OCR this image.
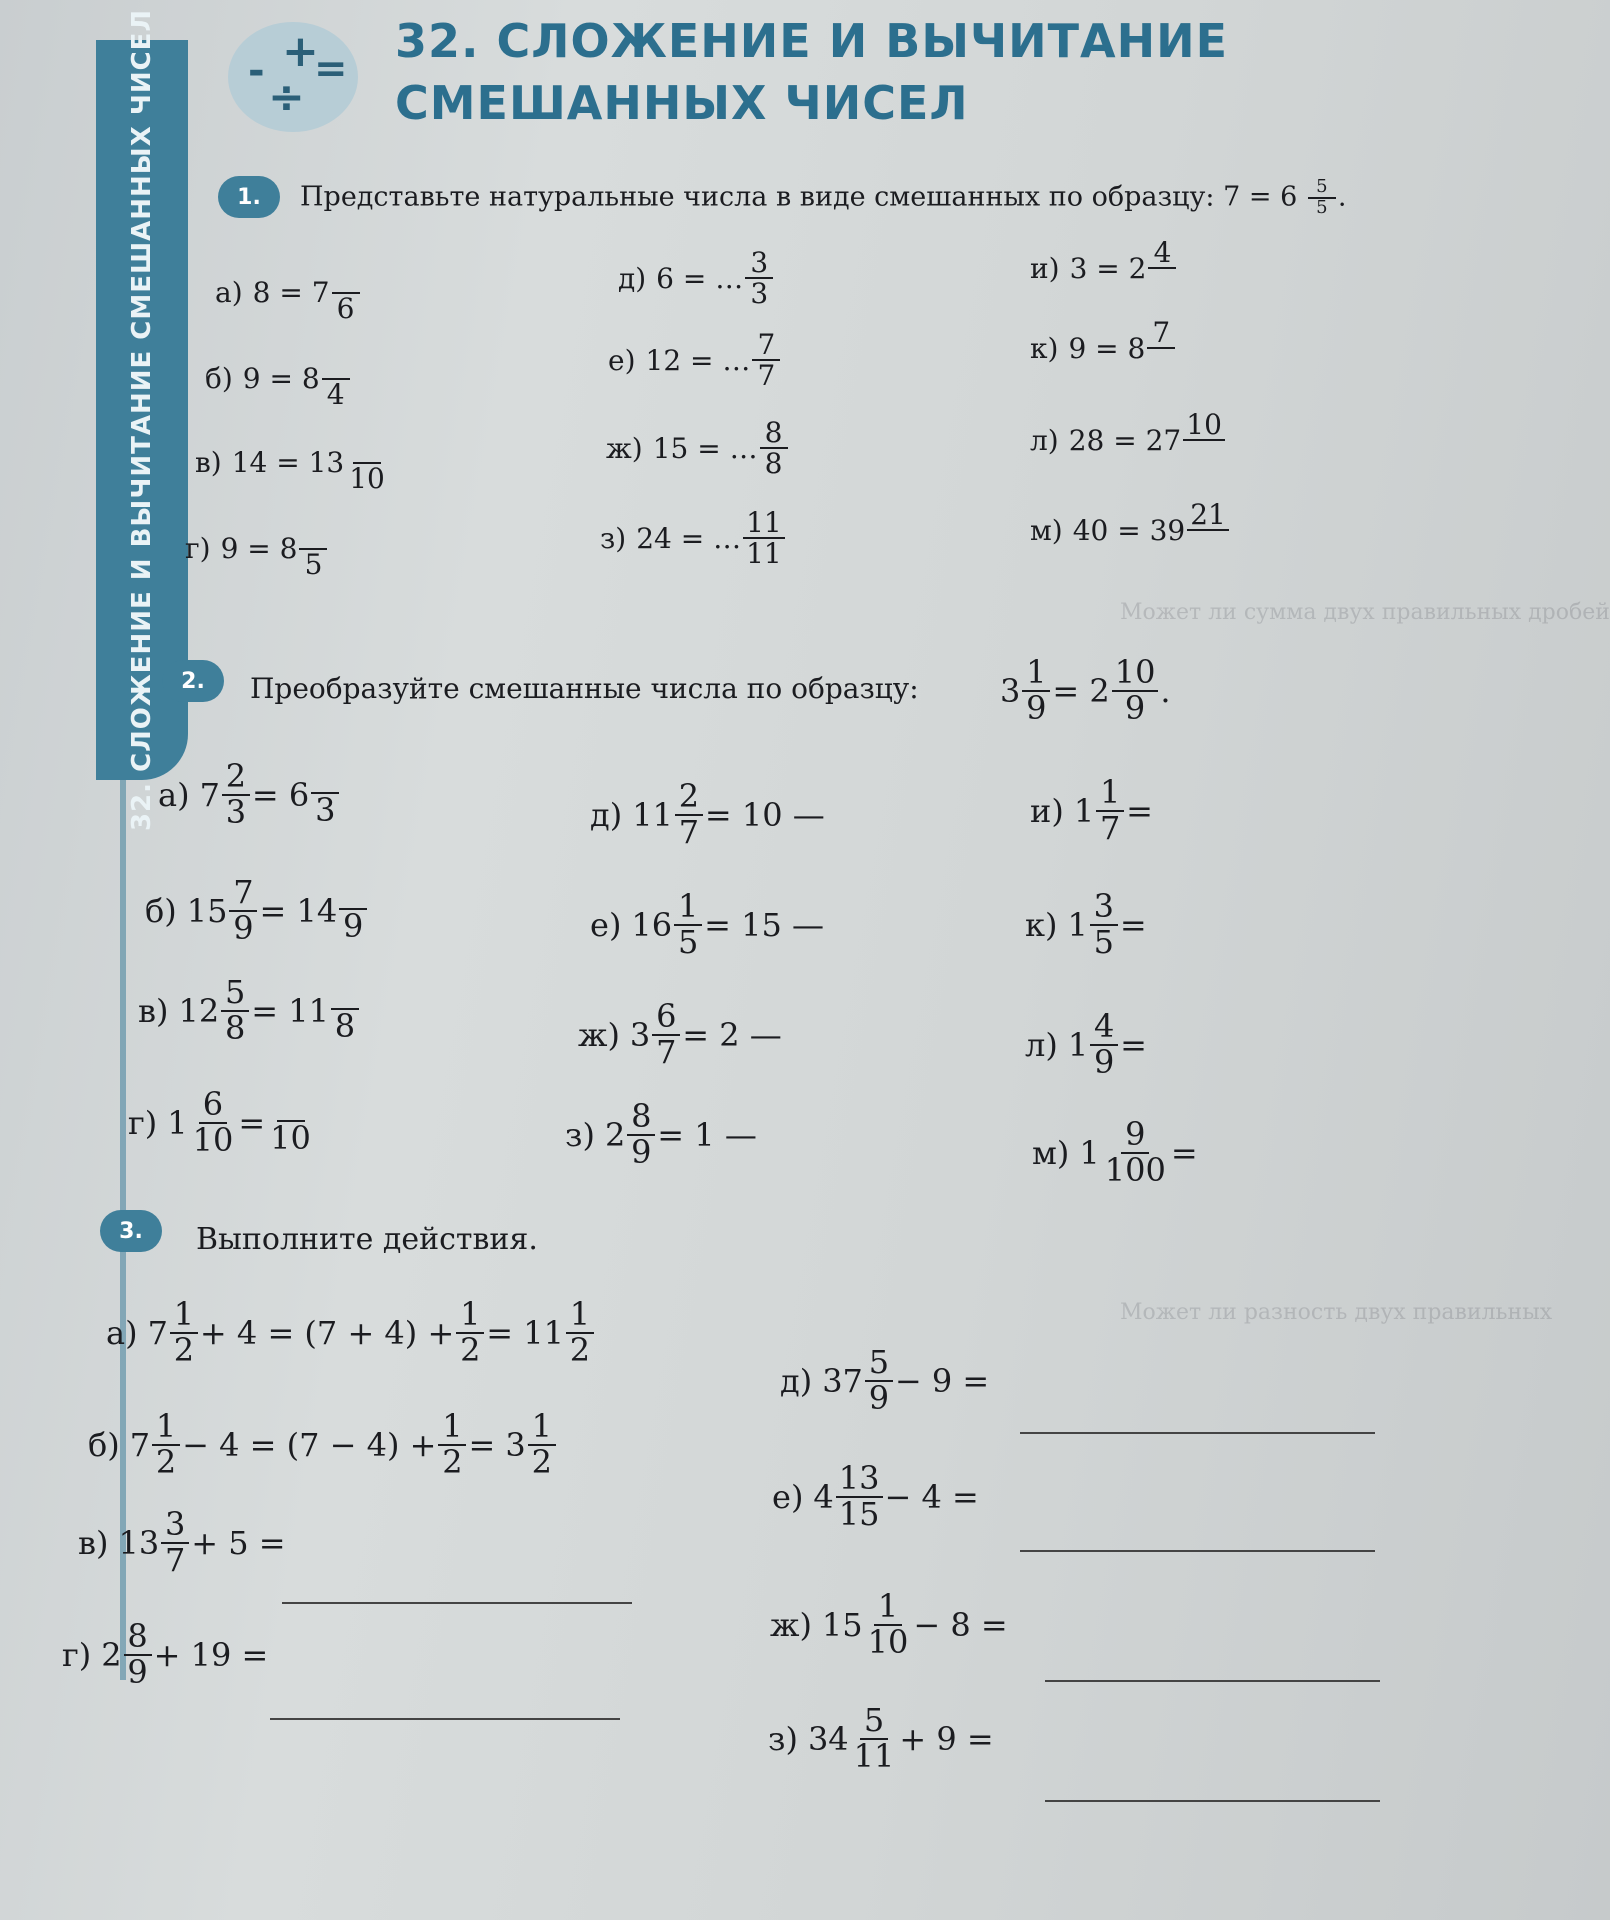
32. СЛОЖЕНИЕ И ВЫЧИТАНИЕ СМЕШАННЫХ ЧИСЕЛ - +
=
÷
32. СЛОЖЕНИЕ И ВЫЧИТАНИЕ
СМЕШАННЫХ ЧИСЕЛ
1.	Представьте натуральные числа в виде смешанных по образцу: $7 = 6 \frac{5}{5}$ .
2.	Преобразуйте смешанные числа по образцу:	$3 \frac{1}{9} = 2 \frac{10}{9}$ .
3.	Выполните действия.
а) $7 \frac{1}{2} + 4 = (7 + 4) + \frac{1}{2} = 11 \frac{1}{2}$
б) $7 \frac{1}{2} - 4 = (7 - 4) + \frac{1}{2} = 3 \frac{1}{2}$
Может ли сумма двух правильных дробей
Может ли разность двух правильных
а) 8 = 7 6
б) 9 = 8 4
в) 14 = 13 10
г) 9 = 8 5
д) 6 = … $\frac{3}{3}$
е) 12 = … $\frac{7}{7}$
ж) 15 = … $\frac{8}{8}$
з) 24 = … $\frac{11}{11}$
и) 3 = 2 4
к) 9 = 8 7
л) 28 = 27 10
м) 40 = 39 21
а) $7 \frac{2}{3} = 6$ 3
б) $15 \frac{7}{9} = 14$ 9
в) $12 \frac{5}{8} = 11$ 8
г) $1 \frac{6}{10} = 10$
д) $11 \frac{2}{7} = 10$ —
е) $16 \frac{1}{5} = 15$ —
ж) $3 \frac{6}{7} = 2$ —
з) $2 \frac{8}{9} = 1$ —
и) $1 \frac{1}{7}$ =
к) $1 \frac{3}{5}$ =
л) $1 \frac{4}{9}$ =
м) $1 \frac{9}{100}$ =
в) $13 \frac{3}{7} + 5$ =
г) $2 \frac{8}{9} + 19$ =
д) $37 \frac{5}{9} - 9$ =
е) $4 \frac{13}{15} - 4$ =
ж) $15 \frac{1}{10} - 8$ =
з) $34 \frac{5}{11} + 9$ =
